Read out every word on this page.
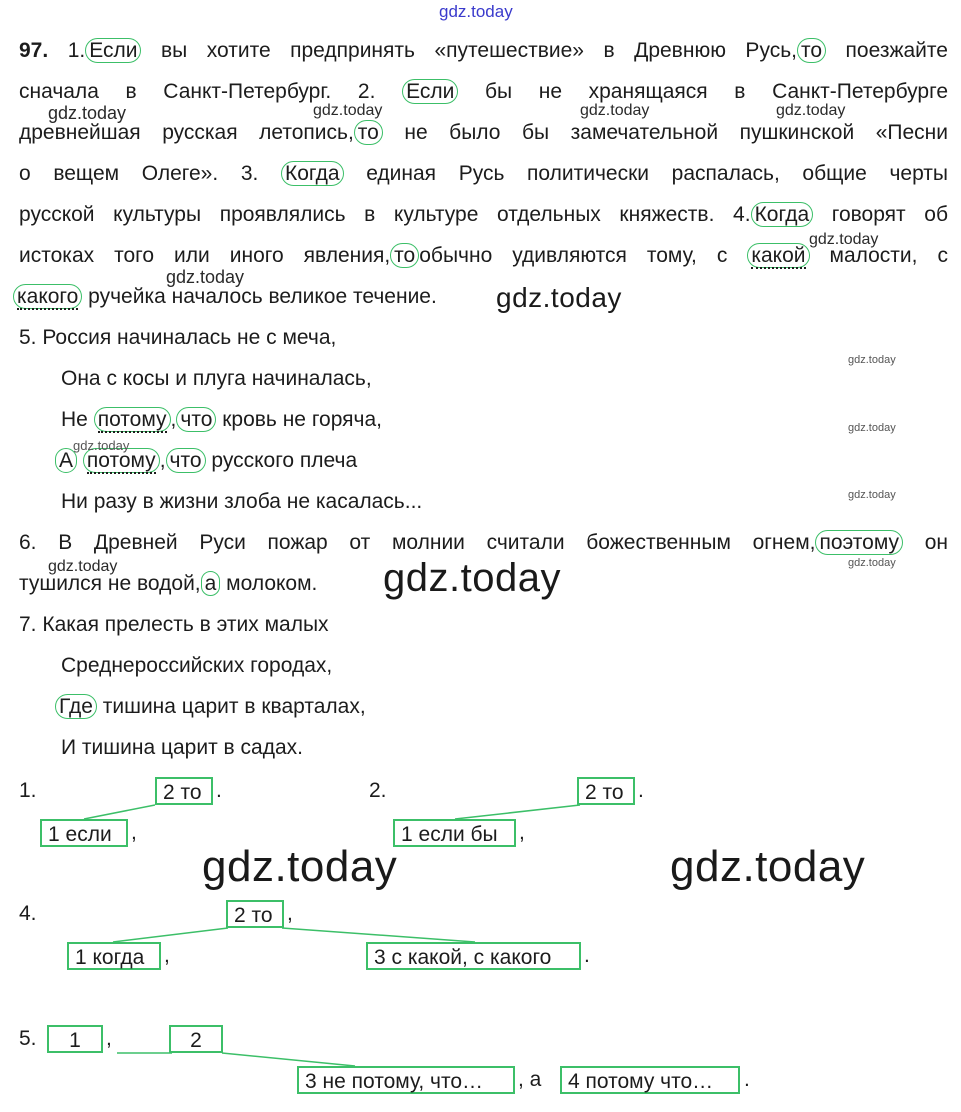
gdz.today
97. 1. Если вы хотите предпринять «путешествие» в Древнюю Русь, то поезжайте
сначала в Санкт-Петербург. 2. Если бы не хранящаяся в Санкт-Петербурге
древнейшая русская летопись, то не было бы замечательной пушкинской «Песни
о вещем Олеге». 3. Когда единая Русь политически распалась, общие черты
русской культуры проявлялись в культуре отдельных княжеств. 4. Когда говорят об
истоках того или иного явления, то обычно удивляются тому, с какой малости, с
какого ручейка началось великое течение.
5. Россия начиналась не с меча,
Она с косы и плуга начиналась,
Не потому , что кровь не горяча,
А потому , что русского плеча
Ни разу в жизни злоба не касалась...
6. В Древней Руси пожар от молнии считали божественным огнем, поэтому он
тушился не водой, а молоком.
7. Какая прелесть в этих малых
Среднероссийских городах,
Где тишина царит в кварталах,
И тишина царит в садах.
gdz.today	gdz.today	gdz.today	gdz.today
gdz.today
gdz.today
gdz.today
gdz.today
gdz.today
gdz.today
gdz.today
gdz.today	gdz.today
gdz.today
gdz.today	gdz.today
1.	2 то .
1 если ,
2.	2 то .
1 если бы	,
4.	2 то ,
1 когда ,	3 с какой, с какого	.
5.	1	,	2
3 не потому, что…	, а	4 потому что…	.
